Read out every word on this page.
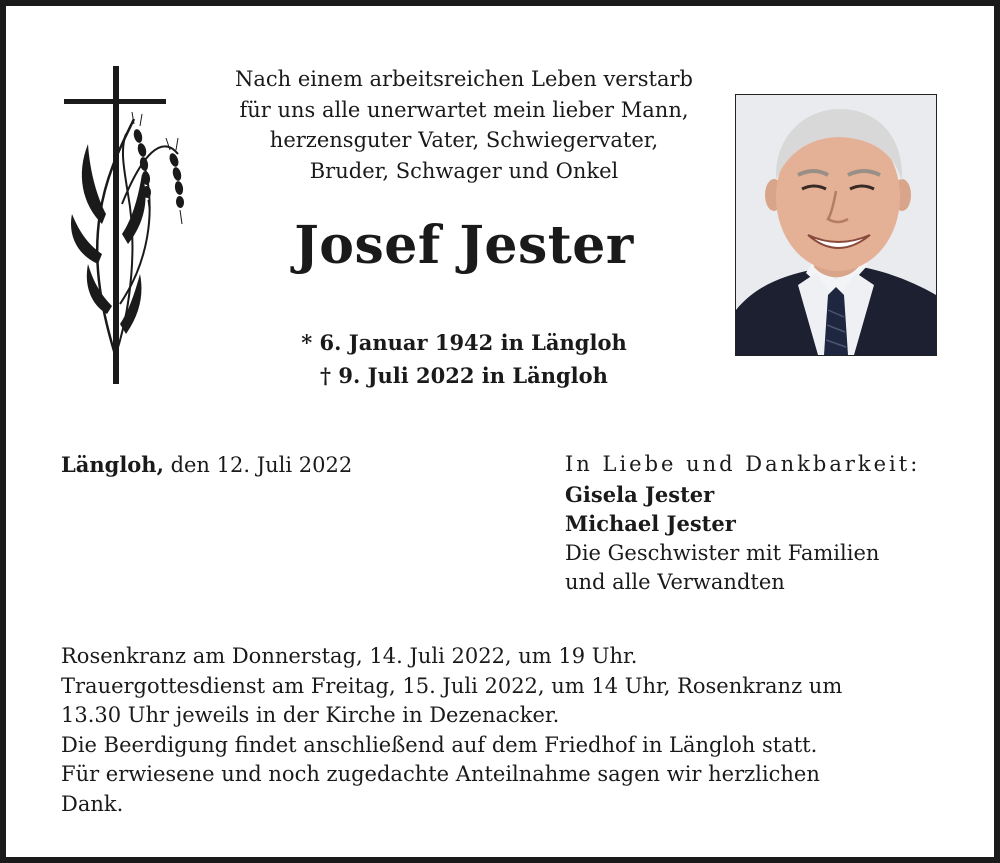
Nach einem arbeitsreichen Leben verstarb
für uns alle unerwartet mein lieber Mann,
herzensguter Vater, Schwiegervater,
Bruder, Schwager und Onkel
Josef Jester
* 6. Januar 1942 in Längloh
† 9. Juli 2022 in Längloh
Längloh, den 12. Juli 2022	In Liebe und Dankbarkeit:
Gisela Jester
Michael Jester
Die Geschwister mit Familien
und alle Verwandten
Rosenkranz am Donnerstag, 14. Juli 2022, um 19 Uhr.
Trauergottesdienst am Freitag, 15. Juli 2022, um 14 Uhr, Rosenkranz um
13.30 Uhr jeweils in der Kirche in Dezenacker.
Die Beerdigung findet anschließend auf dem Friedhof in Längloh statt.
Für erwiesene und noch zugedachte Anteilnahme sagen wir herzlichen
Dank.
